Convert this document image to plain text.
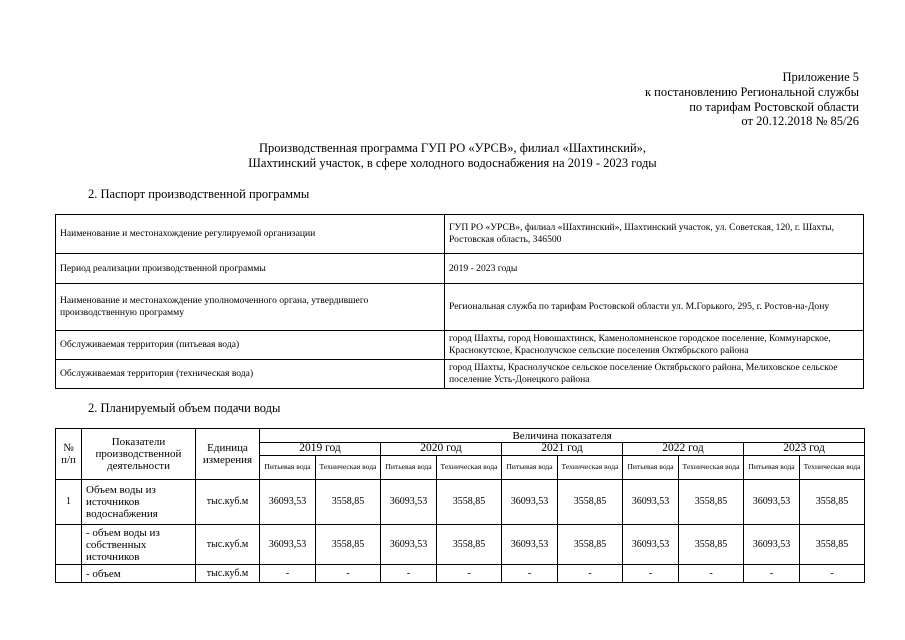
Приложение 5
к постановлению Региональной службы
по тарифам Ростовской области
от 20.12.2018 № 85/26
Производственная программа ГУП РО «УРСВ», филиал «Шахтинский»,
Шахтинский участок, в сфере холодного водоснабжения на 2019 - 2023 годы
2. Паспорт производственной программы
Наименование и местонахождение регулируемой организации	ГУП РО «УРСВ», филиал «Шахтинский», Шахтинский участок, ул. Советская, 120, г. Шахты, Ростовская область, 346500
Период реализации производственной программы	2019 - 2023 годы
Наименование и местонахождение уполномоченного органа, утвердившего производственную программу	Региональная служба по тарифам Ростовской области ул. М.Горького, 295, г. Ростов-на-Дону
Обслуживаемая территория (питьевая вода)	город Шахты, город Новошахтинск, Каменоломненское городское поселение, Коммунарское, Краснокутское, Краснолучское сельские поселения Октябрьского района
Обслуживаемая территория (техническая вода)	город Шахты, Краснолучское сельское поселение Октябрьского района, Мелиховское сельское поселение Усть-Донецкого района
2. Планируемый объем подачи воды
№ п/п	Показатели производственной деятельности	Единица измерения	Величина показателя									
			2019 год		2020 год		2021 год		2022 год		2023 год	
			Питьевая вода	Техническая вода	Питьевая вода	Техническая вода	Питьевая вода	Техническая вода	Питьевая вода	Техническая вода	Питьевая вода	Техническая вода
1	Объем воды из источников водоснабжения	тыс.куб.м	36093,53	3558,85	36093,53	3558,85	36093,53	3558,85	36093,53	3558,85	36093,53	3558,85
	- объем воды из собственных источников	тыс.куб.м	36093,53	3558,85	36093,53	3558,85	36093,53	3558,85	36093,53	3558,85	36093,53	3558,85
	- объем	тыс.куб.м	-	-	-	-	-	-	-	-	-	-
